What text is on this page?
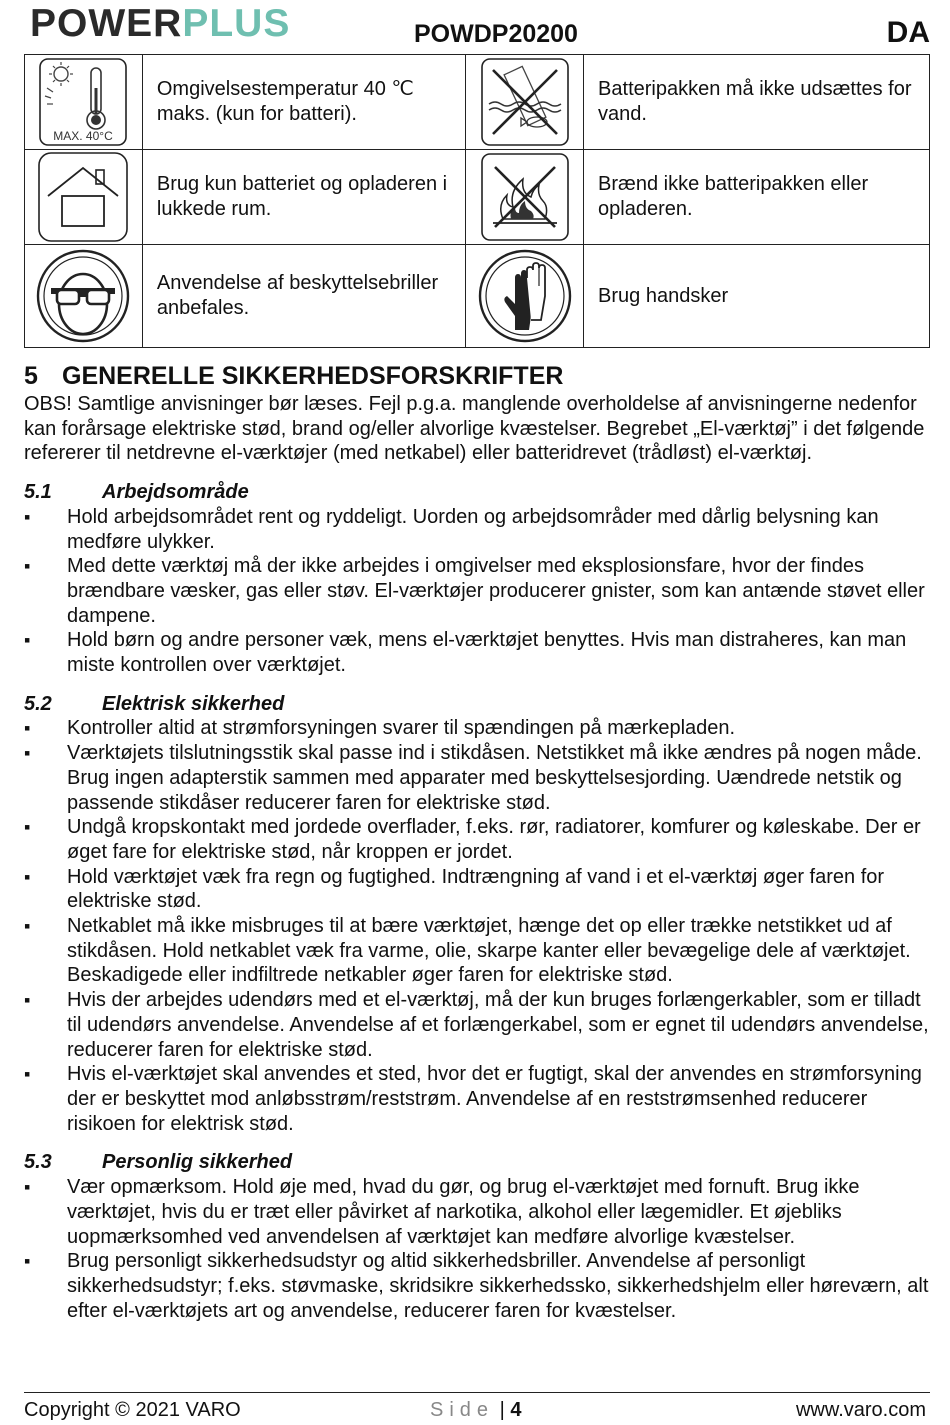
POWERPLUS	POWDP20200	DA
MAX. 40°C	Omgivelsestemperatur 40 ℃ maks. (kun for batteri).		Batteripakken må ikke udsættes for vand.

	Brug kun batteriet og opladeren i lukkede rum.		Brænd ikke batteripakken eller opladeren.

	Anvendelse af beskyttelsebriller anbefales.		Brug handsker
5 GENERELLE SIKKERHEDSFORSKRIFTER

OBS! Samtlige anvisninger bør læses. Fejl p.g.a. manglende overholdelse af anvisningerne nedenfor kan forårsage elektriske stød, brand og/eller alvorlige kvæstelser. Begrebet „El-værktøj” i det følgende refererer til netdrevne el-værktøjer (med netkabel) eller batteridrevet (trådløst) el-værktøj.

5.1	Arbejdsområde
▪ Hold arbejdsområdet rent og ryddeligt. Uorden og arbejdsområder med dårlig belysning kan medføre ulykker.
▪ Med dette værktøj må der ikke arbejdes i omgivelser med eksplosionsfare, hvor der findes brændbare væsker, gas eller støv. El-værktøjer producerer gnister, som kan antænde støvet eller dampene.
▪ Hold børn og andre personer væk, mens el-værktøjet benyttes. Hvis man distraheres, kan man miste kontrollen over værktøjet.
5.2	Elektrisk sikkerhed
▪ Kontroller altid at strømforsyningen svarer til spændingen på mærkepladen.
▪ Værktøjets tilslutningsstik skal passe ind i stikdåsen. Netstikket må ikke ændres på nogen måde. Brug ingen adapterstik sammen med apparater med beskyttelsesjording. Uændrede netstik og passende stikdåser reducerer faren for elektriske stød.
▪ Undgå kropskontakt med jordede overflader, f.eks. rør, radiatorer, komfurer og køleskabe. Der er øget fare for elektriske stød, når kroppen er jordet.
▪ Hold værktøjet væk fra regn og fugtighed. Indtrængning af vand i et el-værktøj øger faren for elektriske stød.
▪ Netkablet må ikke misbruges til at bære værktøjet, hænge det op eller trække netstikket ud af stikdåsen. Hold netkablet væk fra varme, olie, skarpe kanter eller bevægelige dele af værktøjet. Beskadigede eller indfiltrede netkabler øger faren for elektriske stød.
▪ Hvis der arbejdes udendørs med et el-værktøj, må der kun bruges forlængerkabler, som er tilladt til udendørs anvendelse. Anvendelse af et forlængerkabel, som er egnet til udendørs anvendelse, reducerer faren for elektriske stød.
▪ Hvis el-værktøjet skal anvendes et sted, hvor det er fugtigt, skal der anvendes en strømforsyning der er beskyttet mod anløbsstrøm/reststrøm. Anvendelse af en reststrømsenhed reducerer risikoen for elektrisk stød.
5.3	Personlig sikkerhed
▪ Vær opmærksom. Hold øje med, hvad du gør, og brug el-værktøjet med fornuft. Brug ikke værktøjet, hvis du er træt eller påvirket af narkotika, alkohol eller lægemidler. Et øjebliks uopmærksomhed ved anvendelsen af værktøjet kan medføre alvorlige kvæstelser.
▪ Brug personligt sikkerhedsudstyr og altid sikkerhedsbriller. Anvendelse af personligt sikkerhedsudstyr; f.eks. støvmaske, skridsikre sikkerhedssko, sikkerhedshjelm eller høreværn, alt efter el-værktøjets art og anvendelse, reducerer faren for kvæstelser.
Copyright © 2021 VARO	Side | 4	www.varo.com
